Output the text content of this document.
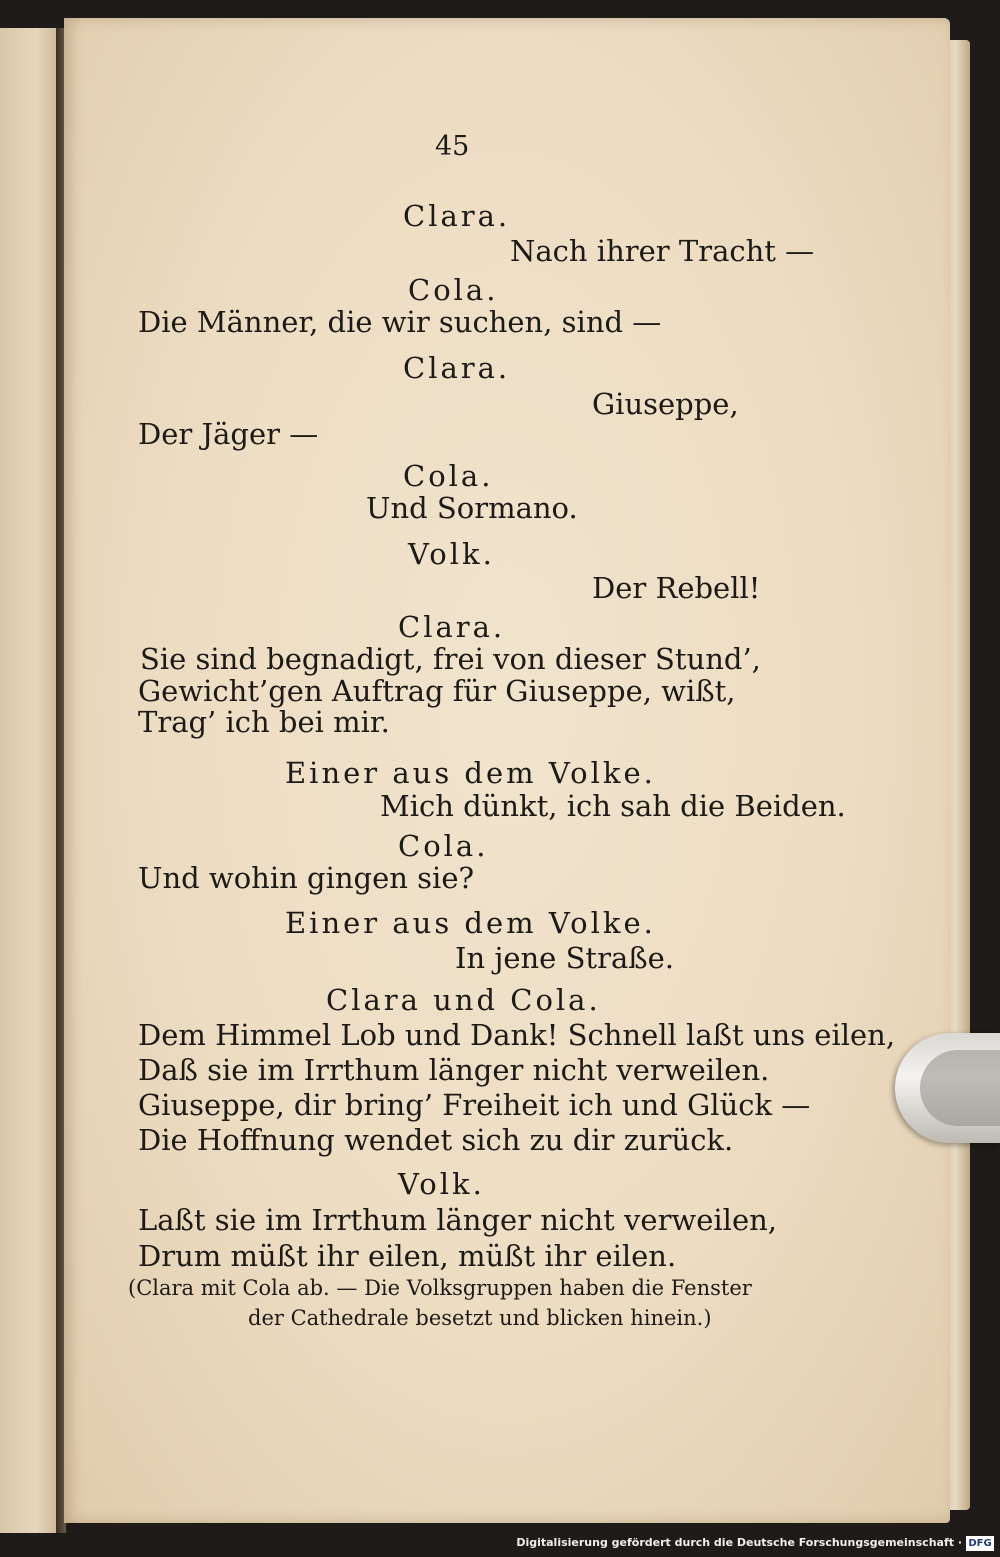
45
Clara.
Nach ihrer Tracht —
Cola.
Die Männer, die wir suchen, sind —
Clara.
Giuseppe,
Der Jäger —
Cola.
Und Sormano.
Volk.
Der Rebell!
Clara.
Sie sind begnadigt, frei von dieser Stund’,
Gewicht’gen Auftrag für Giuseppe, wißt,
Trag’ ich bei mir.
Einer aus dem Volke.
Mich dünkt, ich sah die Beiden.
Cola.
Und wohin gingen sie?
Einer aus dem Volke.
In jene Straße.
Clara und Cola.
Dem Himmel Lob und Dank! Schnell laßt uns eilen,
Daß sie im Irrthum länger nicht verweilen.
Giuseppe, dir bring’ Freiheit ich und Glück —
Die Hoffnung wendet sich zu dir zurück.
Volk.
Laßt sie im Irrthum länger nicht verweilen,
Drum müßt ihr eilen, müßt ihr eilen.
(Clara mit Cola ab. — Die Volksgruppen haben die Fenster
der Cathedrale besetzt und blicken hinein.)
Digitalisierung gefördert durch die Deutsche Forschungsgemeinschaft · DFG
